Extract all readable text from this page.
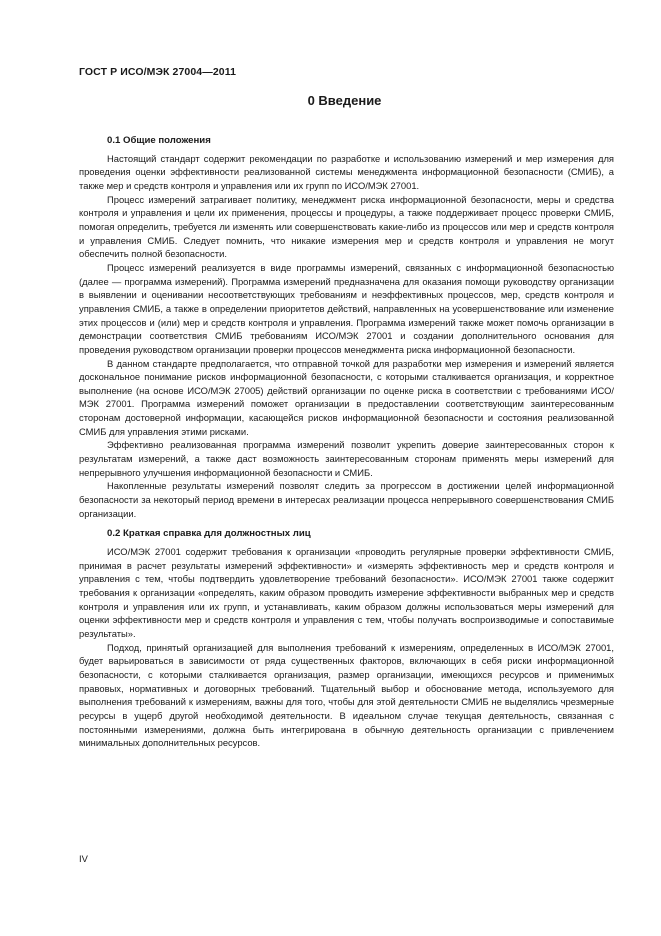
ГОСТ Р ИСО/МЭК 27004—2011
0 Введение
0.1 Общие положения

Настоящий стандарт содержит рекомендации по разработке и использованию измерений и мер измерения для проведения оценки эффективности реализованной системы менеджмента информационной безопасности (СМИБ), а также мер и средств контроля и управления или их групп по ИСО/МЭК 27001.

Процесс измерений затрагивает политику, менеджмент риска информационной безопасности, меры и средства контроля и управления и цели их применения, процессы и процедуры, а также поддерживает процесс проверки СМИБ, помогая определить, требуется ли изменять или совершенствовать какие-либо из процессов или мер и средств контроля и управления СМИБ. Следует помнить, что никакие измерения мер и средств контроля и управления не могут обеспечить полной безопасности.

Процесс измерений реализуется в виде программы измерений, связанных с информационной безопасностью (далее — программа измерений). Программа измерений предназначена для оказания помощи руководству организации в выявлении и оценивании несоответствующих требованиям и неэффективных процессов, мер, средств контроля и управления СМИБ, а также в определении приоритетов действий, направленных на усовершенствование или изменение этих процессов и (или) мер и средств контроля и управления. Программа измерений также может помочь организации в демонстрации соответствия СМИБ требованиям ИСО/МЭК 27001 и создании дополнительного основания для проведения руководством организации проверки процессов менеджмента риска информационной безопасности.

В данном стандарте предполагается, что отправной точкой для разработки мер измерения и измерений является доскональное понимание рисков информационной безопасности, с которыми сталкивается организация, и корректное выполнение (на основе ИСО/МЭК 27005) действий организации по оценке риска в соответствии с требованиями ИСО/МЭК 27001. Программа измерений поможет организации в предоставлении соответствующим заинтересованным сторонам достоверной информации, касающейся рисков информационной безопасности и состояния реализованной СМИБ для управления этими рисками.

Эффективно реализованная программа измерений позволит укрепить доверие заинтересованных сторон к результатам измерений, а также даст возможность заинтересованным сторонам применять меры измерений для непрерывного улучшения информационной безопасности и СМИБ.

Накопленные результаты измерений позволят следить за прогрессом в достижении целей информационной безопасности за некоторый период времени в интересах реализации процесса непрерывного совершенствования СМИБ организации.

0.2 Краткая справка для должностных лиц

ИСО/МЭК 27001 содержит требования к организации «проводить регулярные проверки эффективности СМИБ, принимая в расчет результаты измерений эффективности» и «измерять эффективность мер и средств контроля и управления с тем, чтобы подтвердить удовлетворение требований безопасности». ИСО/МЭК 27001 также содержит требования к организации «определять, каким образом проводить измерение эффективности выбранных мер и средств контроля и управления или их групп, и устанавливать, каким образом должны использоваться меры измерений для оценки эффективности мер и средств контроля и управления с тем, чтобы получать воспроизводимые и сопоставимые результаты».

Подход, принятый организацией для выполнения требований к измерениям, определенных в ИСО/МЭК 27001, будет варьироваться в зависимости от ряда существенных факторов, включающих в себя риски информационной безопасности, с которыми сталкивается организация, размер организации, имеющихся ресурсов и применимых правовых, нормативных и договорных требований. Тщательный выбор и обоснование метода, используемого для выполнения требований к измерениям, важны для того, чтобы для этой деятельности СМИБ не выделялись чрезмерные ресурсы в ущерб другой необходимой деятельности. В идеальном случае текущая деятельность, связанная с постоянными измерениями, должна быть интегрирована в обычную деятельность организации с привлечением минимальных дополнительных ресурсов.

IV
